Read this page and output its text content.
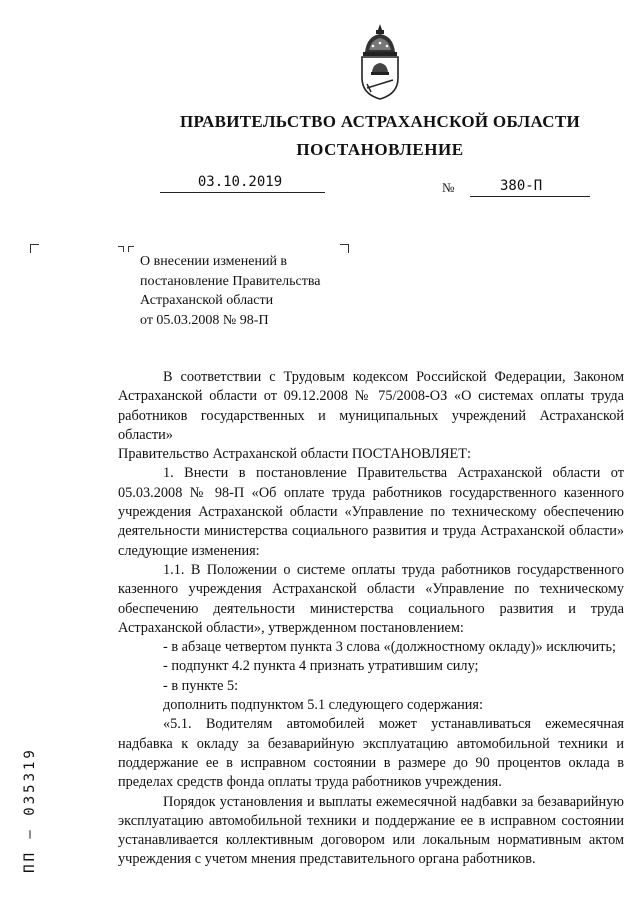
ПРАВИТЕЛЬСТВО АСТРАХАНСКОЙ ОБЛАСТИ
ПОСТАНОВЛЕНИЕ
03.10.2019	№	380-П
О внесении изменений в
постановление Правительства
Астраханской области
от 05.03.2008 № 98-П

В соответствии с Трудовым кодексом Российской Федерации, Законом Астраханской области от 09.12.2008 № 75/2008-ОЗ «О системах оплаты труда работников государственных и муниципальных учреждений Астраханской области»

Правительство Астраханской области ПОСТАНОВЛЯЕТ:

1. Внести в постановление Правительства Астраханской области от 05.03.2008 № 98-П «Об оплате труда работников государственного казенного учреждения Астраханской области «Управление по техническому обеспечению деятельности министерства социального развития и труда Астраханской области» следующие изменения:

1.1. В Положении о системе оплаты труда работников государственного казенного учреждения Астраханской области «Управление по техническому обеспечению деятельности министерства социального развития и труда Астраханской области», утвержденном постановлением:

- в абзаце четвертом пункта 3 слова «(должностному окладу)» исключить;

- подпункт 4.2 пункта 4 признать утратившим силу;

- в пункте 5:

дополнить подпунктом 5.1 следующего содержания:

«5.1. Водителям автомобилей может устанавливаться ежемесячная надбавка к окладу за безаварийную эксплуатацию автомобильной техники и поддержание ее в исправном состоянии в размере до 90 процентов оклада в пределах средств фонда оплаты труда работников учреждения.

Порядок установления и выплаты ежемесячной надбавки за безаварийную эксплуатацию автомобильной техники и поддержание ее в исправном состоянии устанавливается коллективным договором или локальным нормативным актом учреждения с учетом мнения представительного органа работников.

ПП – 035319
